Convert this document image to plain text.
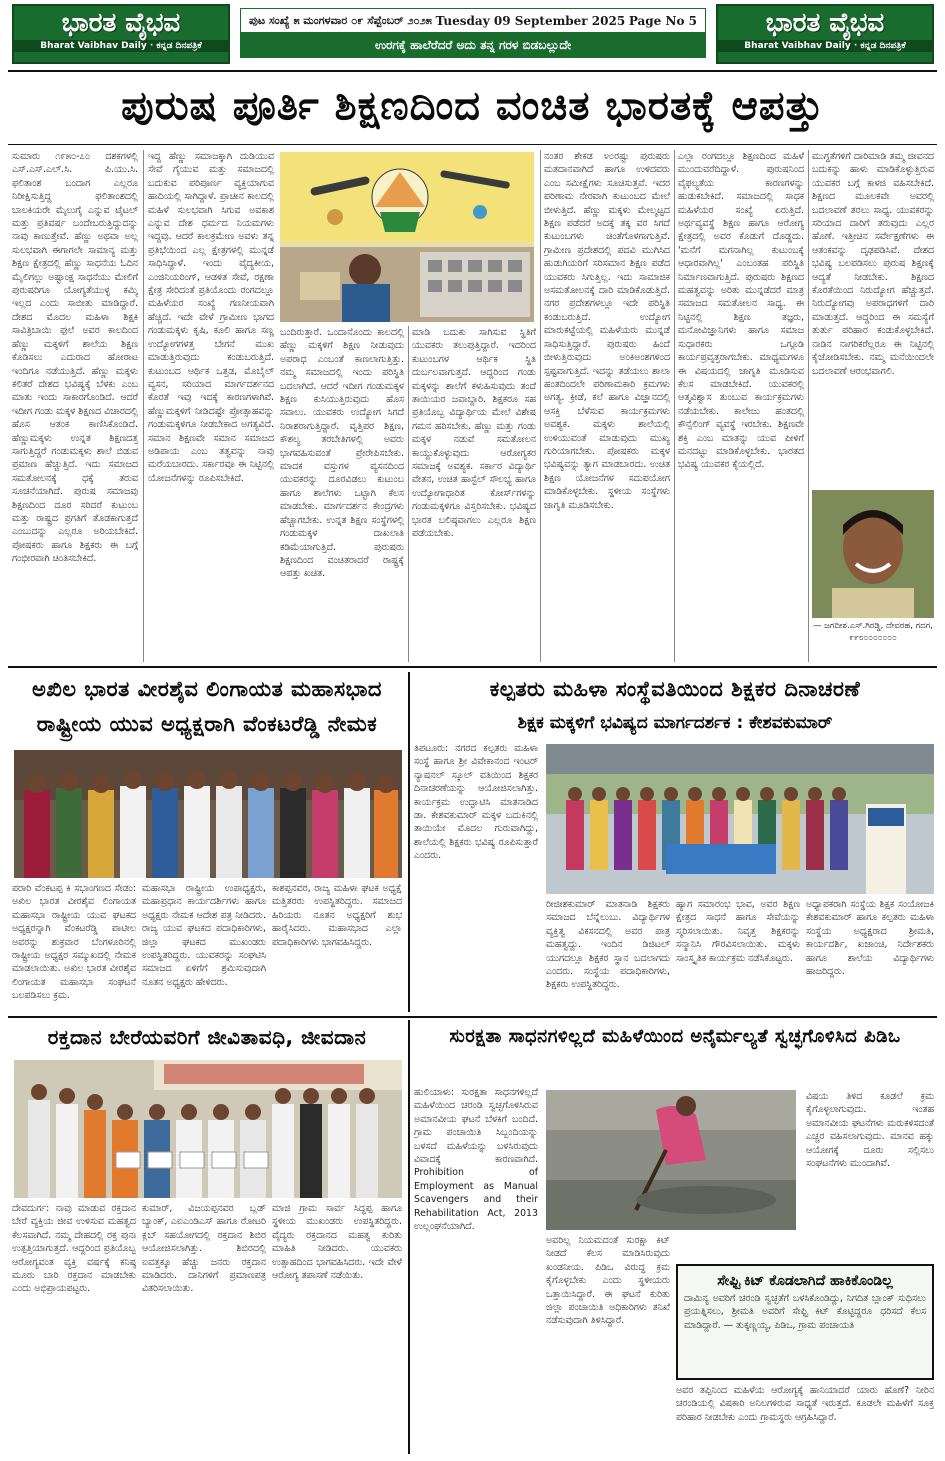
ಭಾರತ ವೈಭವ
Bharat Vaibhav Daily · ಕನ್ನಡ ದಿನಪತ್ರಿಕೆ
ಪುಟ ಸಂಖ್ಯೆ ೫ ಮಂಗಳವಾರ ೦೯ ಸೆಪ್ಟೆಂಬರ್ ೨೦೨೫ Tuesday 09 September 2025 Page No 5
ಉರಗಕ್ಕೆ ಹಾಲೆರೆದರೆ ಅದು ತನ್ನ ಗರಳ ಬಿಡಬಲ್ಲುದೇ
ಭಾರತ ವೈಭವ
Bharat Vaibhav Daily · ಕನ್ನಡ ದಿನಪತ್ರಿಕೆ
ಪುರುಷ ಪೂರ್ತಿ ಶಿಕ್ಷಣದಿಂದ ವಂಚಿತ ಭಾರತಕ್ಕೆ ಆಪತ್ತು
ಸುಮಾರು ೧೯೫೦-೭೦ ದಶಕಗಳಲ್ಲಿ ಎಸ್.ಎಸ್.ಎಲ್.ಸಿ. ಪಿ.ಯು.ಸಿ. ಫಲಿತಾಂಶ ಬಂದಾಗ ಎಲ್ಲರೂ ನಿರೀಕ್ಷಿಸುತ್ತಿದ್ದ ಫಲಿತಾಂಶದಲ್ಲಿ ಬಾಲಕಿಯರೇ ಮೈಲುಗೈ ಎನ್ನುವ ಟೈಟಲ್ ಮತ್ತು ಪ್ರತಿವರ್ಷ ಬಂದೇಬರುತ್ತಿದ್ದುದನ್ನು ನಾವು ಕಾಣುತ್ತೇವೆ. ಹೆಣ್ಣು ಅಥವಾ ಅಲ್ಲ ಸುಲಭವಾಗಿ ಈಗಾಗಲೇ ಸಾಮಾನ್ಯ ಮತ್ತು ಶಿಕ್ಷಣ ಕ್ಷೇತ್ರದಲ್ಲಿ ಹೆಣ್ಣು ಸಾಧನೆಯ ಓದಿನ ಮೈಲಿಗಲ್ಲು ಅಷ್ಟಾಂಕ್ಷ ಸಾಧನೆಯು ಮೇಲಿಗೆ ಪುರುಷರಿಗೂ ಯೋಗ್ಯತೆಯುಳ್ಳ ಕಮ್ಮಿ ಇಲ್ಲದ ಎಂದು ಸಾಬೀತು ಮಾಡಿದ್ದಾರೆ. ದೇಶದ ಮೊದಲ ಮಹಿಳಾ ಶಿಕ್ಷಕಿ ಸಾವಿತ್ರಿಬಾಯಿ ಫುಲೆ ಅವರ ಕಾಲದಿಂದ ಹೆಣ್ಣು ಮಕ್ಕಳಿಗೆ ಶಾಲೆಯ ಶಿಕ್ಷಣ ಕೊಡಿಸಲು ಎದುರಾದ ಹೋರಾಟ ಇಂದಿಗೂ ನಡೆಯುತ್ತಿದೆ. ಹೆಣ್ಣು ಮಕ್ಕಳು ಕಲಿತರೆ ದೇಶದ ಭವಿಷ್ಯಕ್ಕೆ ಬೆಳಕು ಎಂಬ ಮಾತು ಇಂದು ಸಾಕಾರಗೊಂಡಿದೆ. ಆದರೆ ಇದೀಗ ಗಂಡು ಮಕ್ಕಳ ಶಿಕ್ಷಣದ ವಿಚಾರದಲ್ಲಿ ಹೊಸ ಆತಂಕ ಕಾಣಿಸಿಕೊಂಡಿದೆ. ಹೆಣ್ಣುಮಕ್ಕಳು ಉನ್ನತ ಶಿಕ್ಷಣದತ್ತ ಸಾಗುತ್ತಿದ್ದರೆ ಗಂಡುಮಕ್ಕಳು ಶಾಲೆ ಬಿಡುವ ಪ್ರಮಾಣ ಹೆಚ್ಚುತ್ತಿದೆ. ಇದು ಸಮಾಜದ ಸಮತೋಲನಕ್ಕೆ ಧಕ್ಕೆ ತರುವ ಸೂಚನೆಯಾಗಿದೆ. ಪುರುಷ ಸಮಾಜವು ಶಿಕ್ಷಣದಿಂದ ದೂರ ಸರಿದರೆ ಕುಟುಂಬ ಮತ್ತು ರಾಷ್ಟ್ರದ ಪ್ರಗತಿಗೆ ತೊಡಕಾಗುತ್ತದೆ ಎಂಬುದನ್ನು ಎಲ್ಲರೂ ಅರಿಯಬೇಕಿದೆ. ಪೋಷಕರು ಹಾಗೂ ಶಿಕ್ಷಕರು ಈ ಬಗ್ಗೆ ಗಂಭೀರವಾಗಿ ಚಿಂತಿಸಬೇಕಿದೆ.
ಇದ್ದ ಹೆಣ್ಣು ಸಮಾಜಕ್ಕಾಗಿ ದುಡಿಯುವ ಸೇವೆ ಗೈಯುವ ಮತ್ತು ಸಮಾಜದಲ್ಲಿ ಬದುಕುವ ಪರಿಪೂರ್ಣ ವ್ಯಕ್ತಿಯಾಗುವ ಹಾದಿಯಲ್ಲಿ ಸಾಗಿದ್ದಾಳೆ. ಪ್ರಾಚೀನ ಕಾಲದಲ್ಲಿ ಮಹಿಳೆ ಸುಲಭವಾಗಿ ಸಿಗುವ ಅವಕಾಶ ಎನ್ನುವ ದೇಶ ಧರ್ಮದ ನಿಯಮಗಳು ಇದ್ದವು. ಆದರೆ ಕಾಲಕ್ರಮೇಣ ಅವಳು ತನ್ನ ಪ್ರತಿಭೆಯಿಂದ ಎಲ್ಲ ಕ್ಷೇತ್ರಗಳಲ್ಲಿ ಮುನ್ನಡೆ ಸಾಧಿಸಿದ್ದಾಳೆ. ಇಂದು ವೈದ್ಯಕೀಯ, ಎಂಜಿನಿಯರಿಂಗ್, ಆಡಳಿತ ಸೇವೆ, ರಕ್ಷಣಾ ಕ್ಷೇತ್ರ ಸೇರಿದಂತೆ ಪ್ರತಿಯೊಂದು ರಂಗದಲ್ಲೂ ಮಹಿಳೆಯರ ಸಂಖ್ಯೆ ಗಣನೀಯವಾಗಿ ಹೆಚ್ಚಿದೆ. ಇದೇ ವೇಳೆ ಗ್ರಾಮೀಣ ಭಾಗದ ಗಂಡುಮಕ್ಕಳು ಕೃಷಿ, ಕೂಲಿ ಹಾಗೂ ಸಣ್ಣ ಉದ್ಯೋಗಗಳತ್ತ ಬೇಗನೆ ಮುಖ ಮಾಡುತ್ತಿರುವುದು ಕಂಡುಬರುತ್ತಿದೆ. ಕುಟುಂಬದ ಆರ್ಥಿಕ ಒತ್ತಡ, ಮೊಬೈಲ್ ವ್ಯಸನ, ಸರಿಯಾದ ಮಾರ್ಗದರ್ಶನದ ಕೊರತೆ ಇವು ಇದಕ್ಕೆ ಕಾರಣಗಳಾಗಿವೆ. ಹೆಣ್ಣುಮಕ್ಕಳಿಗೆ ನೀಡಿದಷ್ಟೇ ಪ್ರೋತ್ಸಾಹವನ್ನು ಗಂಡುಮಕ್ಕಳಿಗೂ ನೀಡಬೇಕಾದ ಅಗತ್ಯವಿದೆ. ಸಮಾನ ಶಿಕ್ಷಣವೇ ಸಮಾನ ಸಮಾಜದ ಅಡಿಪಾಯ ಎಂಬ ತತ್ವವನ್ನು ನಾವು ಮರೆಯಬಾರದು. ಸರ್ಕಾರವೂ ಈ ನಿಟ್ಟಿನಲ್ಲಿ ಯೋಜನೆಗಳನ್ನು ರೂಪಿಸಬೇಕಿದೆ.
ಬಂದಿರುತ್ತಾರೆ. ಒಂದಾನೊಂದು ಕಾಲದಲ್ಲಿ ಹೆಣ್ಣು ಮಕ್ಕಳಿಗೆ ಶಿಕ್ಷಣ ನೀಡುವುದು ಅಪರಾಧ ಎಂಬಂತೆ ಕಾಣಲಾಗುತ್ತಿತ್ತು. ನಮ್ಮ ಸಮಾಜದಲ್ಲಿ ಇಂದು ಪರಿಸ್ಥಿತಿ ಬದಲಾಗಿದೆ. ಆದರೆ ಇದೀಗ ಗಂಡುಮಕ್ಕಳ ಶಿಕ್ಷಣ ಕುಸಿಯುತ್ತಿರುವುದು ಹೊಸ ಸವಾಲು. ಯುವಕರು ಉದ್ಯೋಗ ಸಿಗದೆ ನಿರಾಶರಾಗುತ್ತಿದ್ದಾರೆ. ವೃತ್ತಿಪರ ಶಿಕ್ಷಣ, ಕೌಶಲ್ಯ ತರಬೇತಿಗಳಲ್ಲಿ ಅವರು ಭಾಗವಹಿಸುವಂತೆ ಪ್ರೇರೇಪಿಸಬೇಕು. ಮಾದಕ ವಸ್ತುಗಳ ವ್ಯಸನದಿಂದ ಯುವಕರನ್ನು ದೂರವಿಡಲು ಕುಟುಂಬ ಹಾಗೂ ಶಾಲೆಗಳು ಒಟ್ಟಾಗಿ ಕೆಲಸ ಮಾಡಬೇಕು. ಮಾರ್ಗದರ್ಶನ ಕೇಂದ್ರಗಳು ಹೆಚ್ಚಾಗಬೇಕು. ಉನ್ನತ ಶಿಕ್ಷಣ ಸಂಸ್ಥೆಗಳಲ್ಲಿ ಗಂಡುಮಕ್ಕಳ ದಾಖಲಾತಿ ಕಡಿಮೆಯಾಗುತ್ತಿದೆ. ಪುರುಷರು ಶಿಕ್ಷಣದಿಂದ ವಂಚಿತರಾದರೆ ರಾಷ್ಟ್ರಕ್ಕೆ ಆಪತ್ತು ಖಚಿತ.
ಮಾಡಿ ಬದುಕು ಸಾಗಿಸುವ ಸ್ಥಿತಿಗೆ ಯುವಕರು ತಲುಪುತ್ತಿದ್ದಾರೆ. ಇದರಿಂದ ಕುಟುಂಬಗಳ ಆರ್ಥಿಕ ಸ್ಥಿತಿ ದುರ್ಬಲವಾಗುತ್ತದೆ. ಆದ್ದರಿಂದ ಗಂಡು ಮಕ್ಕಳನ್ನು ಶಾಲೆಗೆ ಕಳುಹಿಸುವುದು ತಂದೆ ತಾಯಿಯರ ಜವಾಬ್ದಾರಿ. ಶಿಕ್ಷಕರೂ ಸಹ ಪ್ರತಿಯೊಬ್ಬ ವಿದ್ಯಾರ್ಥಿಯ ಮೇಲೆ ವಿಶೇಷ ಗಮನ ಹರಿಸಬೇಕು. ಹೆಣ್ಣು ಮತ್ತು ಗಂಡು ಮಕ್ಕಳ ನಡುವೆ ಸಮತೋಲನ ಕಾಯ್ದುಕೊಳ್ಳುವುದು ಆರೋಗ್ಯಕರ ಸಮಾಜಕ್ಕೆ ಅವಶ್ಯಕ. ಸರ್ಕಾರ ವಿದ್ಯಾರ್ಥಿ ವೇತನ, ಉಚಿತ ಹಾಸ್ಟೆಲ್ ಸೌಲಭ್ಯ ಹಾಗೂ ಉದ್ಯೋಗಾಧಾರಿತ ಕೋರ್ಸ್‌ಗಳನ್ನು ಗಂಡುಮಕ್ಕಳಿಗೂ ವಿಸ್ತರಿಸಬೇಕು. ಭವಿಷ್ಯದ ಭಾರತ ಬಲಿಷ್ಠವಾಗಲು ಎಲ್ಲರೂ ಶಿಕ್ಷಣ ಪಡೆಯಬೇಕು.
ನಂತರ ಶೇಕಡ ೪೦ರಷ್ಟು ಪುರುಷರು ಮತದಾನವಾಗಿದೆ ಹಾಗೂ ಉಳಿದವರು ಎಂಬ ಸಮೀಕ್ಷೆಗಳು ಸೂಚಿಸುತ್ತವೆ. ಇದರ ಪರಿಣಾಮ ನೇರವಾಗಿ ಕುಟುಂಬದ ಮೇಲೆ ಬೀಳುತ್ತಿದೆ. ಹೆಣ್ಣು ಮಕ್ಕಳು ಮೇಲ್ಮಟ್ಟದ ಶಿಕ್ಷಣ ಪಡೆದರೆ ಅದಕ್ಕೆ ತಕ್ಕ ವರ ಸಿಗದೆ ಕುಟುಂಬಗಳು ಚಿಂತೆಗೊಳಗಾಗುತ್ತಿವೆ. ಗ್ರಾಮೀಣ ಪ್ರದೇಶದಲ್ಲಿ ಪದವಿ ಮುಗಿಸಿದ ಹುಡುಗಿಯರಿಗೆ ಸರಿಸಮಾನ ಶಿಕ್ಷಣ ಪಡೆದ ಯುವಕರು ಸಿಗುತ್ತಿಲ್ಲ. ಇದು ಸಾಮಾಜಿಕ ಅಸಮತೋಲನಕ್ಕೆ ದಾರಿ ಮಾಡಿಕೊಡುತ್ತಿದೆ. ನಗರ ಪ್ರದೇಶಗಳಲ್ಲೂ ಇದೇ ಪರಿಸ್ಥಿತಿ ಕಂಡುಬರುತ್ತಿದೆ. ಉದ್ಯೋಗ ಮಾರುಕಟ್ಟೆಯಲ್ಲಿ ಮಹಿಳೆಯರು ಮುನ್ನಡೆ ಸಾಧಿಸುತ್ತಿದ್ದಾರೆ. ಪುರುಷರು ಹಿಂದೆ ಬೀಳುತ್ತಿರುವುದು ಅಂಕಿಅಂಶಗಳಿಂದ ಸ್ಪಷ್ಟವಾಗುತ್ತಿದೆ. ಇದನ್ನು ತಡೆಯಲು ಶಾಲಾ ಹಂತದಿಂದಲೇ ಪರಿಣಾಮಕಾರಿ ಕ್ರಮಗಳು ಅಗತ್ಯ. ಕ್ರೀಡೆ, ಕಲೆ ಹಾಗೂ ವಿಜ್ಞಾನದಲ್ಲಿ ಆಸಕ್ತಿ ಬೆಳೆಸುವ ಕಾರ್ಯಕ್ರಮಗಳು ಅವಶ್ಯಕ. ಮಕ್ಕಳು ಶಾಲೆಯಲ್ಲಿ ಉಳಿಯುವಂತೆ ಮಾಡುವುದು ಮುಖ್ಯ ಗುರಿಯಾಗಬೇಕು. ಪೋಷಕರು ಮಕ್ಕಳ ಭವಿಷ್ಯವನ್ನು ತ್ಯಾಗ ಮಾಡಬಾರದು. ಉಚಿತ ಶಿಕ್ಷಣ ಯೋಜನೆಗಳ ಸದುಪಯೋಗ ಮಾಡಿಕೊಳ್ಳಬೇಕು. ಸ್ಥಳೀಯ ಸಂಸ್ಥೆಗಳು ಜಾಗೃತಿ ಮೂಡಿಸಬೇಕು.
ಎಲ್ಲಾ ರಂಗದಲ್ಲೂ ಶಿಕ್ಷಣದಿಂದ ಮಹಿಳೆ ಮುಂದುವರೆದಿದ್ದಾಳೆ. ಪುರುಷನಿಂದ ವೈಫಲ್ಯತೆಯ ಕಾರಣಗಳನ್ನು ಹುಡುಕಬೇಕಿದೆ. ಸಮಾಜದಲ್ಲಿ ಸಾಧಕ ಮಹಿಳೆಯರ ಸಂಖ್ಯೆ ಏರುತ್ತಿದೆ. ಅರ್ಥವ್ಯವಸ್ಥೆ ಶಿಕ್ಷಣ ಹಾಗೂ ಆರೋಗ್ಯ ಕ್ಷೇತ್ರದಲ್ಲಿ ಅವರ ಕೊಡುಗೆ ದೊಡ್ಡದು. 'ಮನೆಗೆ ಮಗನಾಗಿಲ್ಲ ಕುಟುಂಬಕ್ಕೆ ಆಧಾರವಾಗಿಲ್ಲ' ಎಂಬಂತಹ ಪರಿಸ್ಥಿತಿ ನಿರ್ಮಾಣವಾಗುತ್ತಿದೆ. ಪುರುಷರು ಶಿಕ್ಷಣದ ಮಹತ್ವವನ್ನು ಅರಿತು ಮುನ್ನಡೆದರೆ ಮಾತ್ರ ಸಮಾಜದ ಸಮತೋಲನ ಸಾಧ್ಯ. ಈ ನಿಟ್ಟಿನಲ್ಲಿ ಶಿಕ್ಷಣ ತಜ್ಞರು, ಮನೋವಿಜ್ಞಾನಿಗಳು ಹಾಗೂ ಸಮಾಜ ಸುಧಾರಕರು ಒಗ್ಗೂಡಿ ಕಾರ್ಯಪ್ರವೃತ್ತರಾಗಬೇಕು. ಮಾಧ್ಯಮಗಳೂ ಈ ವಿಷಯದಲ್ಲಿ ಜಾಗೃತಿ ಮೂಡಿಸುವ ಕೆಲಸ ಮಾಡಬೇಕಿದೆ. ಯುವಕರಲ್ಲಿ ಆತ್ಮವಿಶ್ವಾಸ ತುಂಬುವ ಕಾರ್ಯಕ್ರಮಗಳು ನಡೆಯಬೇಕು. ಕಾಲೇಜು ಹಂತದಲ್ಲಿ ಕೌನ್ಸೆಲಿಂಗ್ ವ್ಯವಸ್ಥೆ ಇರಬೇಕು. ಶಿಕ್ಷಣವೇ ಶಕ್ತಿ ಎಂಬ ಮಾತನ್ನು ಯುವ ಪೀಳಿಗೆ ಮನದಟ್ಟು ಮಾಡಿಕೊಳ್ಳಬೇಕು. ಭಾರತದ ಭವಿಷ್ಯ ಯುವಕರ ಕೈಯಲ್ಲಿದೆ.
ಮುಗ್ಧತೆಗಳಿಗೆ ದಾರಿಮಾಡಿ ತಮ್ಮ ಜೀವನದ ಬದುಕನ್ನು ಹಾಳು ಮಾಡಿಕೊಳ್ಳುತ್ತಿರುವ ಯುವಕರ ಬಗ್ಗೆ ಕಾಳಜಿ ವಹಿಸಬೇಕಿದೆ. ಶಿಕ್ಷಣದ ಮೂಲಕವೇ ಅವರಲ್ಲಿ ಬದಲಾವಣೆ ತರಲು ಸಾಧ್ಯ. ಯುವಕರನ್ನು ಸರಿಯಾದ ದಾರಿಗೆ ತರುವುದು ಎಲ್ಲರ ಹೊಣೆ. ಇತ್ತೀಚಿನ ಸರ್ವೇಕ್ಷಣೆಗಳು ಈ ಆತಂಕವನ್ನು ದೃಢಪಡಿಸಿವೆ. ದೇಶದ ಭವಿಷ್ಯ ಬಲಪಡಿಸಲು ಪುರುಷ ಶಿಕ್ಷಣಕ್ಕೆ ಆದ್ಯತೆ ನೀಡಬೇಕು. ಶಿಕ್ಷಣದ ಕೊರತೆಯಿಂದ ನಿರುದ್ಯೋಗ ಹೆಚ್ಚುತ್ತದೆ. ನಿರುದ್ಯೋಗವು ಅಪರಾಧಗಳಿಗೆ ದಾರಿ ಮಾಡುತ್ತದೆ. ಆದ್ದರಿಂದ ಈ ಸಮಸ್ಯೆಗೆ ತುರ್ತು ಪರಿಹಾರ ಕಂಡುಕೊಳ್ಳಬೇಕಿದೆ. ನಾಡಿನ ನಾಗರಿಕರೆಲ್ಲರೂ ಈ ನಿಟ್ಟಿನಲ್ಲಿ ಕೈಜೋಡಿಸಬೇಕು. ನಮ್ಮ ಮನೆಯಿಂದಲೇ ಬದಲಾವಣೆ ಆರಂಭವಾಗಲಿ.
— ಜಗದೀಶ.ಎಸ್.ಗಿರಡ್ಡಿ, ದೇವರಹ, ಗದಗ, ೯೯೮೦೦೦೦೦೦೦
ಅಖಿಲ ಭಾರತ ವೀರಶೈವ ಲಿಂಗಾಯತ ಮಹಾಸಭಾದ
ರಾಷ್ಟ್ರೀಯ ಯುವ ಅಧ್ಯಕ್ಷರಾಗಿ ವೆಂಕಟರೆಡ್ಡಿ ನೇಮಕ
ಪರಾರಿ ವೆಂಕಟಪ್ಪ ಕಿ ಸಭಾಂಗಣದ ಸೇಡಂ: ಅಖಿಲ ಭಾರತ ವೀರಶೈವ ಲಿಂಗಾಯತ ಮಹಾಸಭಾ ರಾಷ್ಟ್ರೀಯ ಯುವ ಘಟಕದ ಅಧ್ಯಕ್ಷರನ್ನಾಗಿ ವೆಂಕಟರೆಡ್ಡಿ ಪಾಟೀಲ ಅವರನ್ನು ಶುಕ್ರವಾರ ಬೆಂಗಳೂರಿನಲ್ಲಿ ರಾಷ್ಟ್ರೀಯ ಅಧ್ಯಕ್ಷರ ಸಮ್ಮುಖದಲ್ಲಿ ನೇಮಕ ಮಾಡಲಾಯಿತು. ಅಖಿಲ ಭಾರತ ವೀರಶೈವ ಲಿಂಗಾಯತ ಮಹಾಸಭಾ ಸಂಘಟನೆ ಬಲಪಡಿಸಲು ಕ್ರಮ.
ಮಹಾಸಭಾ ರಾಷ್ಟ್ರೀಯ ಉಪಾಧ್ಯಕ್ಷರು, ಮಹಾಪ್ರಧಾನ ಕಾರ್ಯದರ್ಶಿಗಳು ಹಾಗೂ ಅಧ್ಯಕ್ಷರು ನೇಮಕ ಆದೇಶ ಪತ್ರ ನೀಡಿದರು. ರಾಜ್ಯ ಯುವ ಘಟಕದ ಪದಾಧಿಕಾರಿಗಳು, ಜಿಲ್ಲಾ ಘಟಕದ ಮುಖಂಡರು ಉಪಸ್ಥಿತರಿದ್ದರು. ಯುವಕರನ್ನು ಸಂಘಟಿಸಿ ಸಮಾಜದ ಏಳಿಗೆಗೆ ಶ್ರಮಿಸುವುದಾಗಿ ನೂತನ ಅಧ್ಯಕ್ಷರು ಹೇಳಿದರು.
ಕಾಶಪ್ಪನವರ, ರಾಜ್ಯ ಮಹಿಳಾ ಘಟಕ ಅಧ್ಯಕ್ಷೆ ಮತ್ತಿತರರು ಉಪಸ್ಥಿತರಿದ್ದರು. ಸಮಾಜದ ಹಿರಿಯರು ನೂತನ ಅಧ್ಯಕ್ಷರಿಗೆ ಶುಭ ಹಾರೈಸಿದರು. ಮಹಾಸಭಾದ ಎಲ್ಲಾ ಪದಾಧಿಕಾರಿಗಳು ಭಾಗವಹಿಸಿದ್ದರು.
ಕಲ್ಪತರು ಮಹಿಳಾ ಸಂಸ್ಥೆವತಿಯಿಂದ ಶಿಕ್ಷಕರ ದಿನಾಚರಣೆ
ಶಿಕ್ಷಕ ಮಕ್ಕಳಿಗೆ ಭವಿಷ್ಯದ ಮಾರ್ಗದರ್ಶಕ : ಕೇಶವಕುಮಾರ್
ತಿಪಟೂರು: ನಗರದ ಕಲ್ಪತರು ಮಹಿಳಾ ಸಂಸ್ಥೆ ಹಾಗೂ ಶ್ರೀ ವಿವೇಕಾನಂದ ಇಂಟರ್ ನ್ಯಾಷನಲ್ ಸ್ಕೂಲ್ ವತಿಯಿಂದ ಶಿಕ್ಷಕರ ದಿನಾಚರಣೆಯನ್ನು ಆಯೋಜಿಸಲಾಗಿತ್ತು. ಕಾರ್ಯಕ್ರಮ ಉದ್ಘಾಟಿಸಿ ಮಾತನಾಡಿದ ಡಾ. ಕೇಶವಕುಮಾರ್ ಮಕ್ಕಳ ಬದುಕಿನಲ್ಲಿ ತಾಯಿಯೇ ಮೊದಲ ಗುರುವಾಗಿದ್ದು, ಶಾಲೆಯಲ್ಲಿ ಶಿಕ್ಷಕರು ಭವಿಷ್ಯ ರೂಪಿಸುತ್ತಾರೆ ಎಂದರು.
ರೀಜೀಶಕುಮಾರ್ ಮಾತನಾಡಿ ಶಿಕ್ಷಕರು ಸಮಾಜದ ಬೆನ್ನೆಲುಬು. ವಿದ್ಯಾರ್ಥಿಗಳ ವ್ಯಕ್ತಿತ್ವ ವಿಕಸನದಲ್ಲಿ ಅವರ ಪಾತ್ರ ಮಹತ್ವದ್ದು. ಇಂದಿನ ಡಿಜಿಟಲ್ ಯುಗದಲ್ಲೂ ಶಿಕ್ಷಕರ ಸ್ಥಾನ ಬದಲಾಗದು ಎಂದರು. ಸಂಸ್ಥೆಯ ಪದಾಧಿಕಾರಿಗಳು, ಶಿಕ್ಷಕರು ಉಪಸ್ಥಿತರಿದ್ದರು.
ಹ್ಯಾಗ ಸಮಾರಂಭ ಭಾವ, ಅವರ ಶಿಕ್ಷಣ ಕ್ಷೇತ್ರದ ಸಾಧನೆ ಹಾಗೂ ಸೇವೆಯನ್ನು ಸ್ಮರಿಸಲಾಯಿತು. ನಿವೃತ್ತ ಶಿಕ್ಷಕರನ್ನು ಸನ್ಮಾನಿಸಿ ಗೌರವಿಸಲಾಯಿತು. ಮಕ್ಕಳು ಸಾಂಸ್ಕೃತಿಕ ಕಾರ್ಯಕ್ರಮ ನಡೆಸಿಕೊಟ್ಟರು.
ಅಧ್ಯಾಪಕರಾಗಿ ಸಂಸ್ಥೆಯ ಶಿಕ್ಷಕ ಸಂಯೋಜಕಿ ಕೇಶವಕುಮಾರ್ ಹಾಗೂ ಕಲ್ಪತರು ಮಹಿಳಾ ಸಂಸ್ಥೆಯ ಅಧ್ಯಕ್ಷರಾದ ಶ್ರೀಮತಿ, ಕಾರ್ಯದರ್ಶಿ, ಖಜಾಂಚಿ, ನಿರ್ದೇಶಕರು ಹಾಗೂ ಶಾಲೆಯ ವಿದ್ಯಾರ್ಥಿಗಳು ಹಾಜರಿದ್ದರು.
ರಕ್ತದಾನ ಬೇರೆಯವರಿಗೆ ಜೀವಿತಾವಧಿ, ಜೀವದಾನ
ದೇವದುರ್ಗ: ನಾವು ಮಾಡುವ ರಕ್ತದಾನ ಬೇರೆ ವ್ಯಕ್ತಿಯ ಜೀವ ಉಳಿಸುವ ಮಹತ್ವದ ಕೆಲಸವಾಗಿದೆ. ನಮ್ಮ ದೇಹದಲ್ಲಿ ರಕ್ತ ಪುನಃ ಉತ್ಪತ್ತಿಯಾಗುತ್ತದೆ. ಆದ್ದರಿಂದ ಪ್ರತಿಯೊಬ್ಬ ಆರೋಗ್ಯವಂತ ವ್ಯಕ್ತಿ ವರ್ಷಕ್ಕೆ ಕನಿಷ್ಠ ಮೂರು ಬಾರಿ ರಕ್ತದಾನ ಮಾಡಬೇಕು ಎಂದು ಅಭಿಪ್ರಾಯಪಟ್ಟರು.
ಕುಮಾರ್, ವಿಜಯಪ್ಪನವರ ಬ್ಲಡ್ ಬ್ಯಾಂಕ್, ಎಐಎಂಡಿಎಸ್ ಹಾಗೂ ರೋಟರಿ ಕ್ಲಬ್ ಸಹಯೋಗದಲ್ಲಿ ರಕ್ತದಾನ ಶಿಬಿರ ಆಯೋಜಿಸಲಾಗಿತ್ತು. ಶಿಬಿರದಲ್ಲಿ ಐವತ್ತಕ್ಕೂ ಹೆಚ್ಚು ಜನರು ರಕ್ತದಾನ ಮಾಡಿದರು. ದಾನಿಗಳಿಗೆ ಪ್ರಮಾಣಪತ್ರ ವಿತರಿಸಲಾಯಿತು.
ಮಾಜಿ ಗ್ರಾಮ ಸಾರ್ವ ಸಿದ್ಧಪ್ಪ ಹಾಗೂ ಸ್ಥಳೀಯ ಮುಖಂಡರು ಉಪಸ್ಥಿತರಿದ್ದರು. ವೈದ್ಯರು ರಕ್ತದಾನದ ಮಹತ್ವ ಕುರಿತು ಮಾಹಿತಿ ನೀಡಿದರು. ಯುವಕರು ಉತ್ಸಾಹದಿಂದ ಭಾಗವಹಿಸಿದರು. ಇದೇ ವೇಳೆ ಆರೋಗ್ಯ ತಪಾಸಣೆ ನಡೆಯಿತು.
ಸುರಕ್ಷತಾ ಸಾಧನಗಳಿಲ್ಲದೆ ಮಹಿಳೆಯಿಂದ ಅನೈರ್ಮಲ್ಯತೆ ಸ್ವಚ್ಛಗೊಳಿಸಿದ ಪಿಡಿಒ
ಹುಲಿಯಾಳು: ಸುರಕ್ಷತಾ ಸಾಧನಗಳಿಲ್ಲದೆ ಮಹಿಳೆಯಿಂದ ಚರಂಡಿ ಸ್ವಚ್ಛಗೊಳಿಸಿರುವ ಅಮಾನವೀಯ ಘಟನೆ ಬೆಳಕಿಗೆ ಬಂದಿದೆ. ಗ್ರಾಮ ಪಂಚಾಯಿತಿ ಸಿಬ್ಬಂದಿಯನ್ನು ಬಳಸದೆ ಮಹಿಳೆಯನ್ನು ಬಳಸಿರುವುದು ವಿವಾದಕ್ಕೆ ಕಾರಣವಾಗಿದೆ. Prohibition of Employment as Manual Scavengers and their Rehabilitation Act, 2013 ಉಲ್ಲಂಘನೆಯಾಗಿದೆ.
ಅವರಿಲ್ಲ ನಿಯಮದಂತೆ ಸುರಕ್ಷಾ ಕಿಟ್ ನೀಡದೆ ಕೆಲಸ ಮಾಡಿಸಿರುವುದು ಖಂಡನೀಯ. ಪಿಡಿಒ ವಿರುದ್ಧ ಕ್ರಮ ಕೈಗೊಳ್ಳಬೇಕು ಎಂದು ಸ್ಥಳೀಯರು ಒತ್ತಾಯಿಸಿದ್ದಾರೆ. ಈ ಘಟನೆ ಕುರಿತು ಜಿಲ್ಲಾ ಪಂಚಾಯಿತಿ ಅಧಿಕಾರಿಗಳು ತನಿಖೆ ನಡೆಸುವುದಾಗಿ ತಿಳಿಸಿದ್ದಾರೆ.
ವಿಷಯ ತಿಳಿದ ಕೂಡಲೆ ಕ್ರಮ ಕೈಗೊಳ್ಳಲಾಗುವುದು. ಇಂತಹ ಅಮಾನವೀಯ ಘಟನೆಗಳು ಮರುಕಳಿಸದಂತೆ ಎಚ್ಚರ ವಹಿಸಲಾಗುವುದು. ಮಾನವ ಹಕ್ಕು ಆಯೋಗಕ್ಕೆ ದೂರು ಸಲ್ಲಿಸಲು ಸಂಘಟನೆಗಳು ಮುಂದಾಗಿವೆ.
ಸೇಫ್ಟಿ ಕಿಟ್ ಕೊಡಲಾಗಿದೆ ಹಾಕಿಕೊಂಡಿಲ್ಲ
ದಾಮಿನ್ಯ ಅವರಿಗೆ ಚರಂಡಿ ಸ್ವಚ್ಛತೆಗೆ ಬಳಸಿಕೊಂಡಿದ್ದು, ನಿಗದಿತ ಬ್ಲಾಂಕ್ ಸುಧಿಸಲು ಪ್ರಯತ್ನಿಸಲು, ಶ್ರೀಮತಿ ಅವರಿಗೆ ಸೇಫ್ಟಿ ಕಿಟ್ ಕೊಟ್ಟಿದ್ದರೂ ಧರಿಸದೆ ಕೆಲಸ ಮಾಡಿದ್ದಾರೆ. — ತುಕ್ಕಣ್ಣಯ್ಯ, ಪಿಡಿಒ, ಗ್ರಾಮ ಪಂಚಾಯತಿ
ಅವರ ತಪ್ಪಿನಿಂದ ಮಹಿಳೆಯ ಆರೋಗ್ಯಕ್ಕೆ ಹಾನಿಯಾದರೆ ಯಾರು ಹೊಣೆ? ನೀರಿನ ಚರಂಡಿಯಲ್ಲಿ ವಿಷಕಾರಿ ಅನಿಲಗಳಿರುವ ಸಾಧ್ಯತೆ ಇರುತ್ತದೆ. ಕೂಡಲೇ ಮಹಿಳೆಗೆ ಸೂಕ್ತ ಪರಿಹಾರ ನೀಡಬೇಕು ಎಂದು ಗ್ರಾಮಸ್ಥರು ಆಗ್ರಹಿಸಿದ್ದಾರೆ.
